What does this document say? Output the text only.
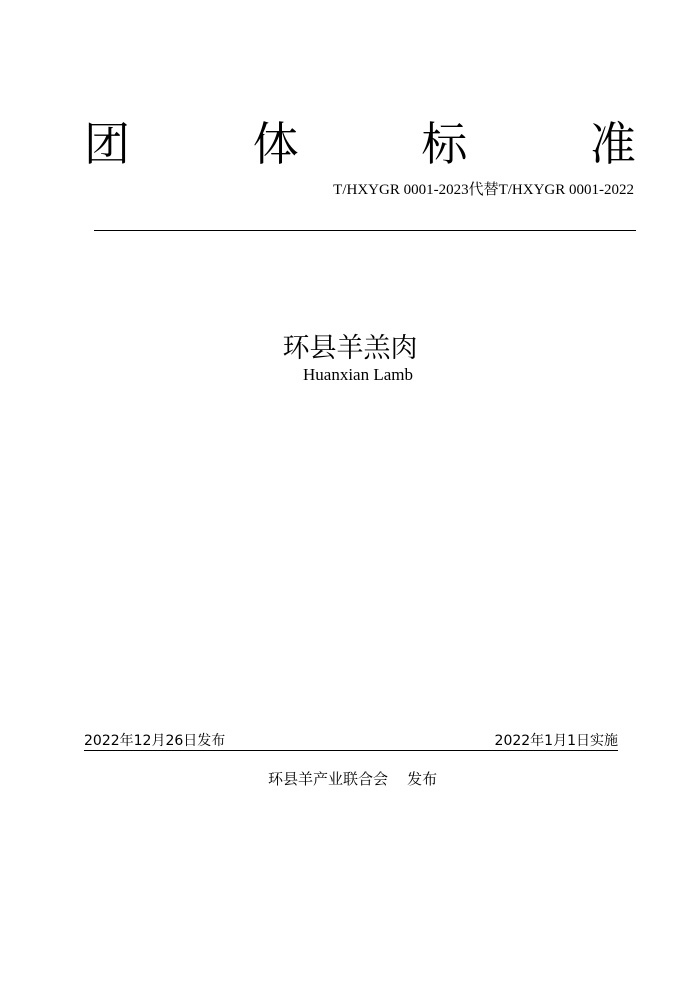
团	体	标	准
T/HXYGR 0001-2023代替T/HXYGR 0001-2022
环县羊羔肉
Huanxian Lamb
2022年12月26日发布	2022年1月1日实施
环县羊产业联合会    发布
